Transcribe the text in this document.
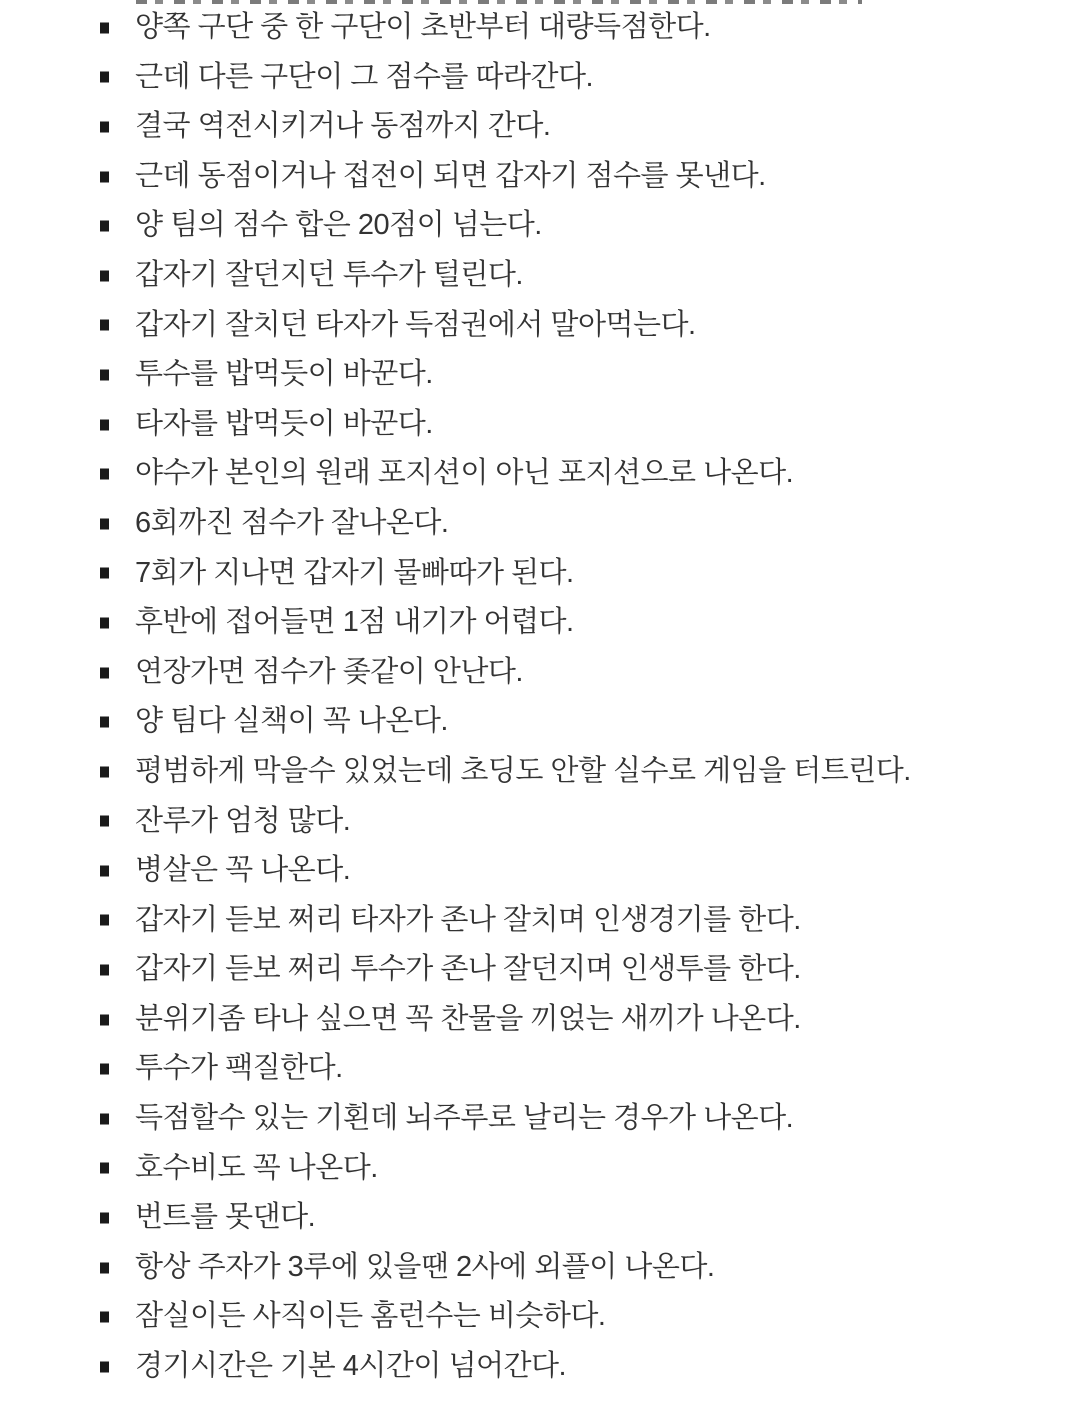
양쪽 구단 중 한 구단이 초반부터 대량득점한다.
근데 다른 구단이 그 점수를 따라간다.
결국 역전시키거나 동점까지 간다.
근데 동점이거나 접전이 되면 갑자기 점수를 못낸다.
양 팀의 점수 합은 20점이 넘는다.
갑자기 잘던지던 투수가 털린다.
갑자기 잘치던 타자가 득점권에서 말아먹는다.
투수를 밥먹듯이 바꾼다.
타자를 밥먹듯이 바꾼다.
야수가 본인의 원래 포지션이 아닌 포지션으로 나온다.
6회까진 점수가 잘나온다.
7회가 지나면 갑자기 물빠따가 된다.
후반에 접어들면 1점 내기가 어렵다.
연장가면 점수가 좆같이 안난다.
양 팀다 실책이 꼭 나온다.
평범하게 막을수 있었는데 초딩도 안할 실수로 게임을 터트린다.
잔루가 엄청 많다.
병살은 꼭 나온다.
갑자기 듣보 쩌리 타자가 존나 잘치며 인생경기를 한다.
갑자기 듣보 쩌리 투수가 존나 잘던지며 인생투를 한다.
분위기좀 타나 싶으면 꼭 찬물을 끼얹는 새끼가 나온다.
투수가 팩질한다.
득점할수 있는 기횐데 뇌주루로 날리는 경우가 나온다.
호수비도 꼭 나온다.
번트를 못댄다.
항상 주자가 3루에 있을땐 2사에 외플이 나온다.
잠실이든 사직이든 홈런수는 비슷하다.
경기시간은 기본 4시간이 넘어간다.
